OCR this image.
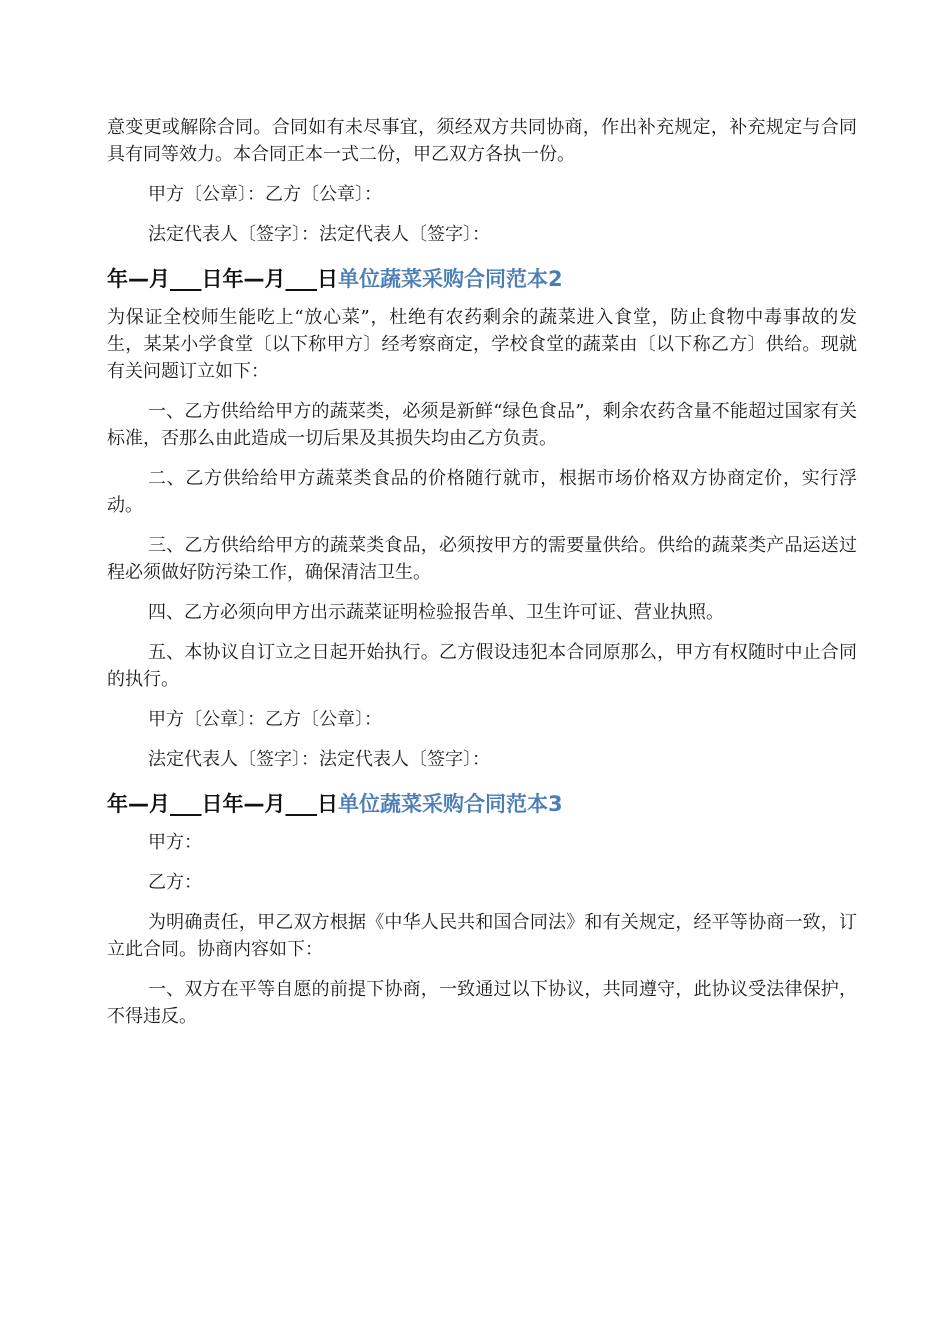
意变更或解除合同。合同如有未尽事宜，须经双方共同协商，作出补充规定，补充规定与合同具有同等效力。本合同正本一式二份，甲乙双方各执一份。

甲方〔公章〕：乙方〔公章〕：

法定代表人〔签字〕：法定代表人〔签字〕：

年—月___日年—月___日单位蔬菜采购合同范本2

为保证全校师生能吃上“放心菜”，杜绝有农药剩余的蔬菜进入食堂，防止食物中毒事故的发生，某某小学食堂〔以下称甲方〕经考察商定，学校食堂的蔬菜由〔以下称乙方〕供给。现就有关问题订立如下：

一、乙方供给给甲方的蔬菜类，必须是新鲜“绿色食品”，剩余农药含量不能超过国家有关标准，否那么由此造成一切后果及其损失均由乙方负责。

二、乙方供给给甲方蔬菜类食品的价格随行就市，根据市场价格双方协商定价，实行浮动。

三、乙方供给给甲方的蔬菜类食品，必须按甲方的需要量供给。供给的蔬菜类产品运送过程必须做好防污染工作，确保清洁卫生。

四、乙方必须向甲方出示蔬菜证明检验报告单、卫生许可证、营业执照。

五、本协议自订立之日起开始执行。乙方假设违犯本合同原那么，甲方有权随时中止合同的执行。

甲方〔公章〕：乙方〔公章〕：

法定代表人〔签字〕：法定代表人〔签字〕：

年—月___日年—月___日单位蔬菜采购合同范本3

甲方：

乙方：

为明确责任，甲乙双方根据《中华人民共和国合同法》和有关规定，经平等协商一致，订立此合同。协商内容如下：

一、双方在平等自愿的前提下协商，一致通过以下协议，共同遵守，此协议受法律保护，不得违反。
